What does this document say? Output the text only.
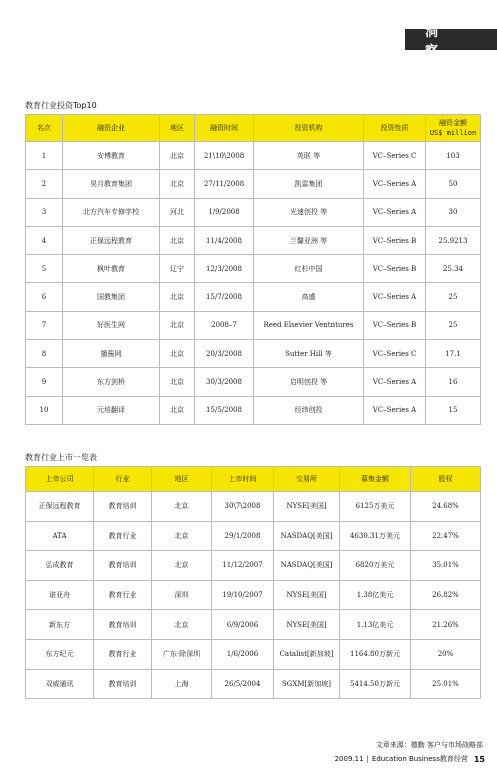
洞 察
教育行业投资Top10
名次	融资企业	地区	融资时间	投资机构	投资性质	融资金额
US$ million

1	安博教育	北京	21\10\2008	英联 等	VC–Series C	103
2	昊月教育集团	北京	27/11/2008	凯雷集团	VC–Series A	50
3	北方汽车专修学校	河北	1/9/2008	光速创投 等	VC–Series A	30
4	正保远程教育	北京	11/4/2008	兰馨亚洲 等	VC–Series B	25.9213
5	枫叶教育	辽宁	12/3/2008	红杉中国	VC–Series B	25.34
6	国教集团	北京	15/7/2008	高盛	VC–Series A	25
7	好医生网	北京	2008–7	Reed Elsevier Ventntures	VC–Series B	25
8	播酱网	北京	20/3/2008	Sutter Hill 等	VC–Series C	17.1
9	东方剑桥	北京	30/3/2008	启明创投 等	VC–Series A	16
10	元培翻译	北京	15/5/2008	经纬创投	VC–Series A	15
教育行业上市一览表
上市公司	行业	地区	上市时间	交易所	募集金额	股权
正保远程教育	教育培训	北京	30\7\2008	NYSE[美国]	6125万美元	24.68%
ATA	教育行业	北京	29/1/2008	NASDAQ[美国]	4630.31万美元	22.47%
弘成教育	教育培训	北京	11/12/2007	NASDAQ[美国]	6820万美元	35.01%
诺亚舟	教育行业	深圳	19/10/2007	NYSE[美国]	1.38亿美元	26.82%
新东方	教育培训	北京	6/9/2006	NYSE[美国]	1.13亿美元	21.26%
东方纪元	教育行业	广东·除深圳	1/6/2006	Catalist[新加坡]	1164.80万新元	20%
双威通讯	教育培训	上海	26/5/2004	SGXM[新加坡]	5414.50万新元	25.01%
文章来源：德勤 客户与市场战略部
2009.11 | Education Business教育经营 15
